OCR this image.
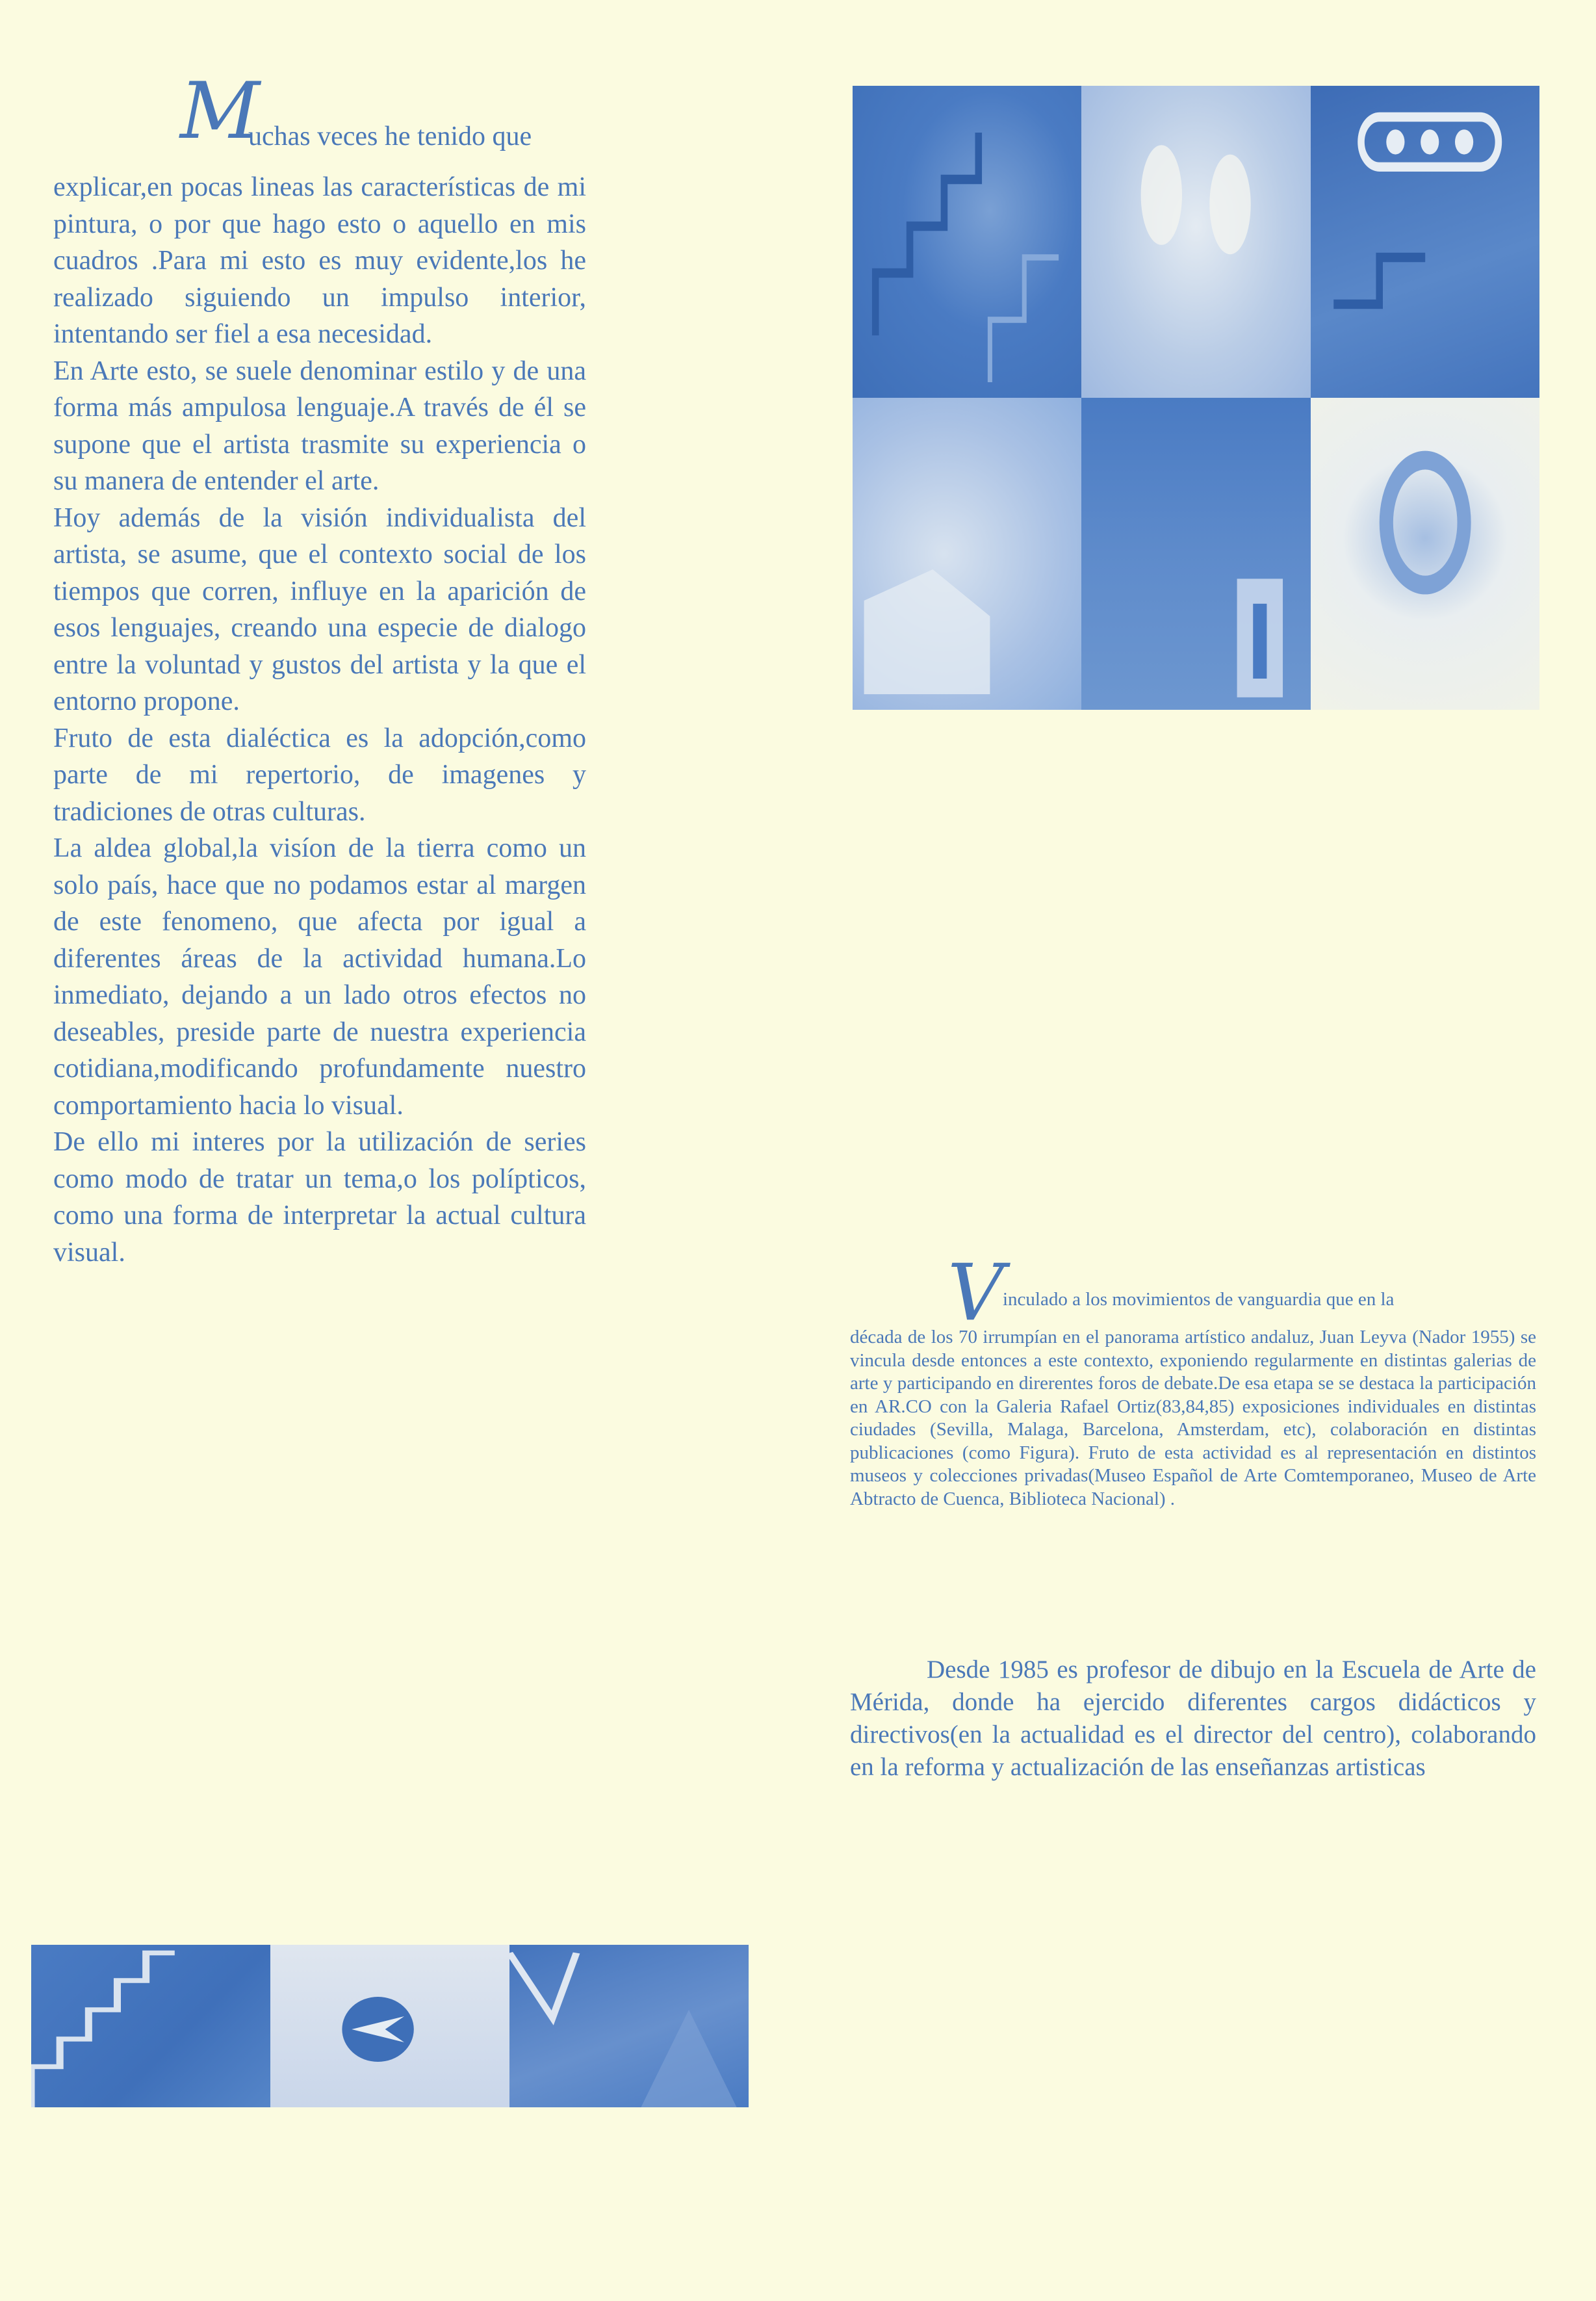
M
uchas veces he tenido que

explicar,en pocas lineas las características de mi pintura, o por que hago esto o aquello en mis cuadros .Para mi esto es muy evidente,los he realizado siguiendo un impulso interior, intentando ser fiel a esa necesidad.

En Arte esto, se suele denominar estilo y de una forma más ampulosa lenguaje.A través de él se supone que el artista trasmite su experiencia o su manera de entender el arte.

Hoy además de la visión individualista del artista, se asume, que el contexto social de los tiempos que corren, influye en la aparición de esos lenguajes, creando una especie de dialogo entre la voluntad y gustos del artista y la que el entorno propone.

Fruto de esta dialéctica es la adopción,como parte de mi repertorio, de imagenes y tradiciones de otras culturas.

La aldea global,la visíon de la tierra como un solo país, hace que no podamos estar al margen de este fenomeno, que afecta por igual a diferentes áreas de la actividad humana.Lo inmediato, dejando a un lado otros efectos no deseables, preside parte de nuestra experiencia cotidiana,modificando profundamente nuestro comportamiento hacia lo visual.

De ello mi interes por la utilización de series como modo de tratar un tema,o los polípticos, como una forma de interpretar la actual cultura visual.	V
inculado a los movimientos de vanguardia que en la

década de los 70 irrumpían en el panorama artístico andaluz, Juan Leyva (Nador 1955) se vincula desde entonces a este contexto, exponiendo regularmente en distintas galerias de arte y participando en direrentes foros de debate.De esa etapa se se destaca la participación en AR.CO con la Galeria Rafael Ortiz(83,84,85) exposiciones individuales en distintas ciudades (Sevilla, Malaga, Barcelona, Amsterdam, etc), colaboración en distintas publicaciones (como Figura). Fruto de esta actividad es al representación en distintos museos y colecciones privadas(Museo Español de Arte Comtemporaneo, Museo de Arte Abtracto de Cuenca, Biblioteca Nacional) .

Desde 1985 es profesor de dibujo en la Escuela de Arte de Mérida, donde ha ejercido diferentes cargos didácticos y directivos(en la actualidad es el director del centro), colaborando en la reforma y actualización de las enseñanzas artisticas
